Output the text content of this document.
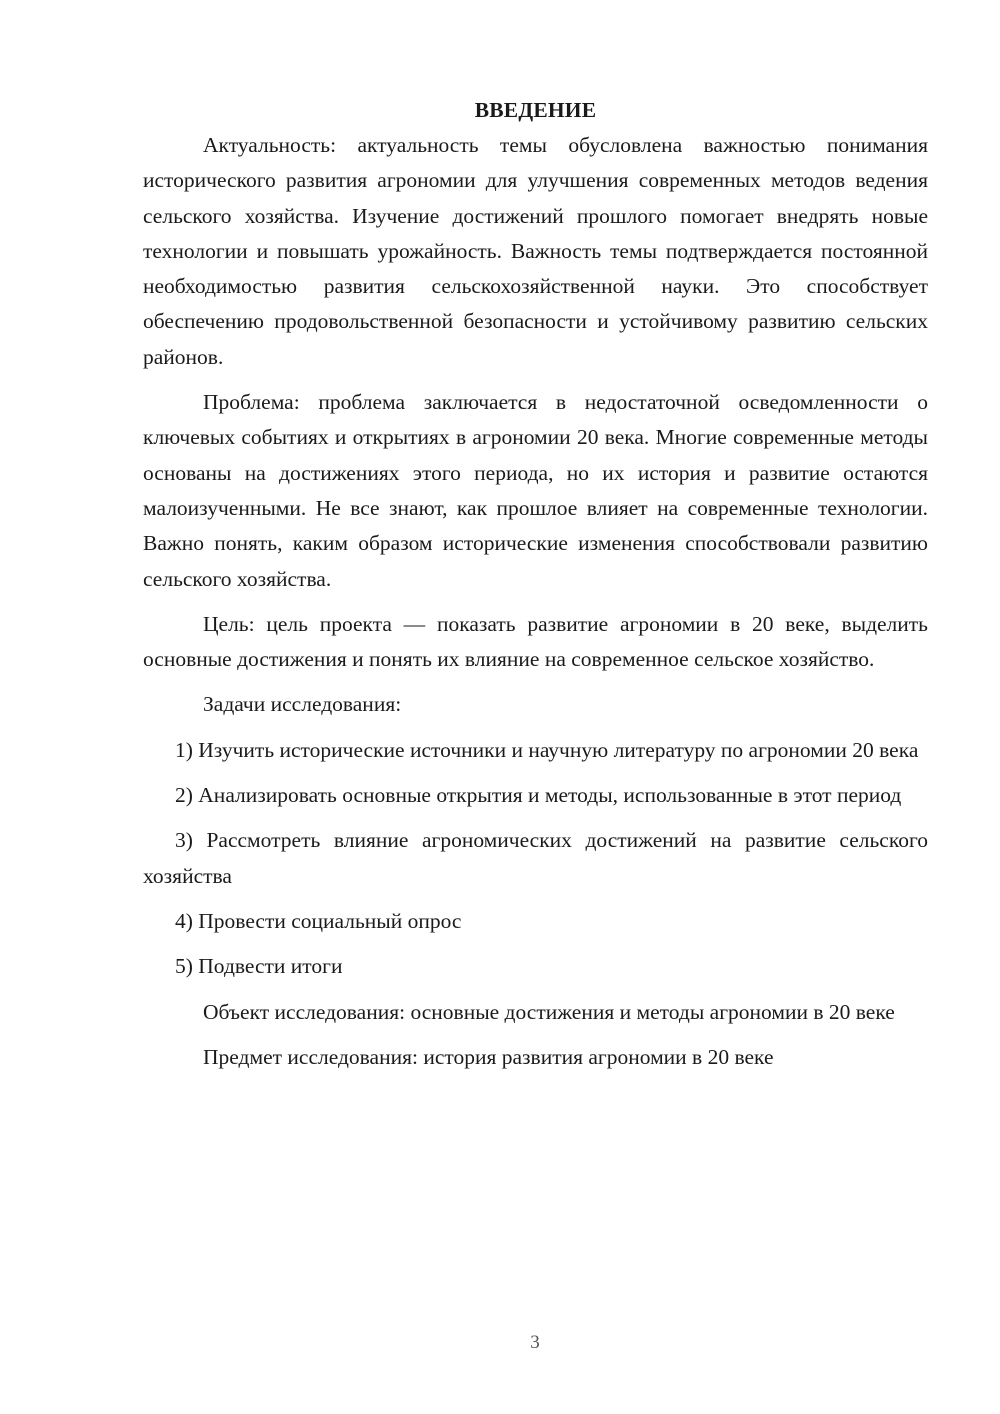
ВВЕДЕНИЕ

Актуальность: актуальность темы обусловлена важностью понимания исторического развития агрономии для улучшения современных методов ведения сельского хозяйства. Изучение достижений прошлого помогает внедрять новые технологии и повышать урожайность. Важность темы подтверждается постоянной необходимостью развития сельскохозяйственной науки. Это способствует обеспечению продовольственной безопасности и устойчивому развитию сельских районов.

Проблема: проблема заключается в недостаточной осведомленности о ключевых событиях и открытиях в агрономии 20 века. Многие современные методы основаны на достижениях этого периода, но их история и развитие остаются малоизученными. Не все знают, как прошлое влияет на современные технологии. Важно понять, каким образом исторические изменения способствовали развитию сельского хозяйства.

Цель: цель проекта — показать развитие агрономии в 20 веке, выделить основные достижения и понять их влияние на современное сельское хозяйство.

Задачи исследования:

1) Изучить исторические источники и научную литературу по агрономии 20 века

2) Анализировать основные открытия и методы, использованные в этот период

3) Рассмотреть влияние агрономических достижений на развитие сельского хозяйства

4) Провести социальный опрос

5) Подвести итоги

Объект исследования: основные достижения и методы агрономии в 20 веке

Предмет исследования: история развития агрономии в 20 веке

3
